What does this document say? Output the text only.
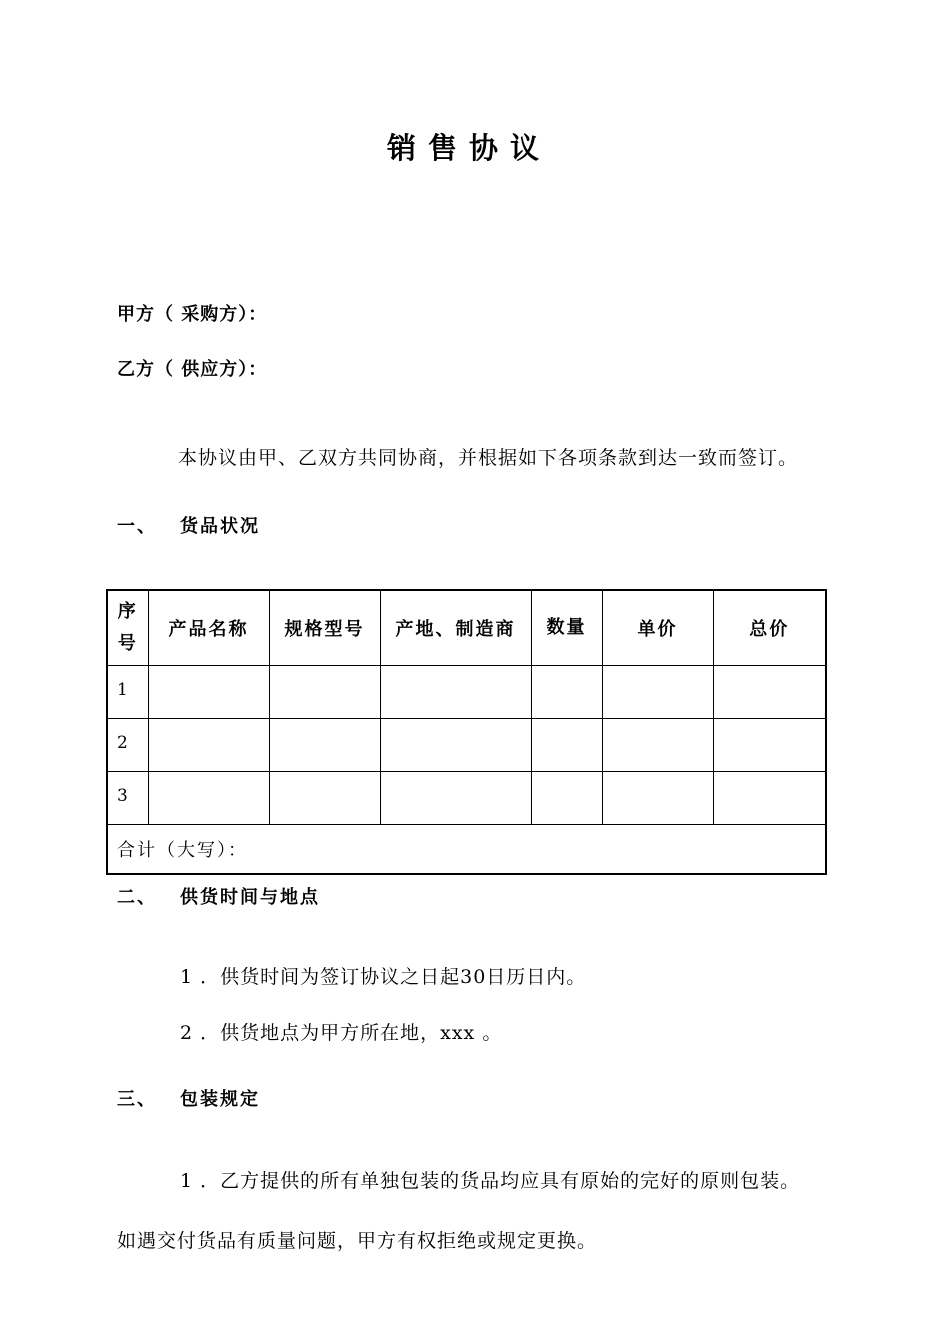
销售协议
甲方（ 采购方）：
乙方（ 供应方）：
本协议由甲、乙双方共同协商，并根据如下各项条款到达一致而签订。
一、 货品状况
序号	产品名称	规格型号	产地、制造商	数量	单价	总价
1						
2						
3						
合计（大写）：						
二、 供货时间与地点
1 ．供货时间为签订协议之日起30日历日内。
2 ．供货地点为甲方所在地，xxx 。
三、 包装规定
1 ．乙方提供的所有单独包装的货品均应具有原始的完好的原则包装。
如遇交付货品有质量问题，甲方有权拒绝或规定更换。
